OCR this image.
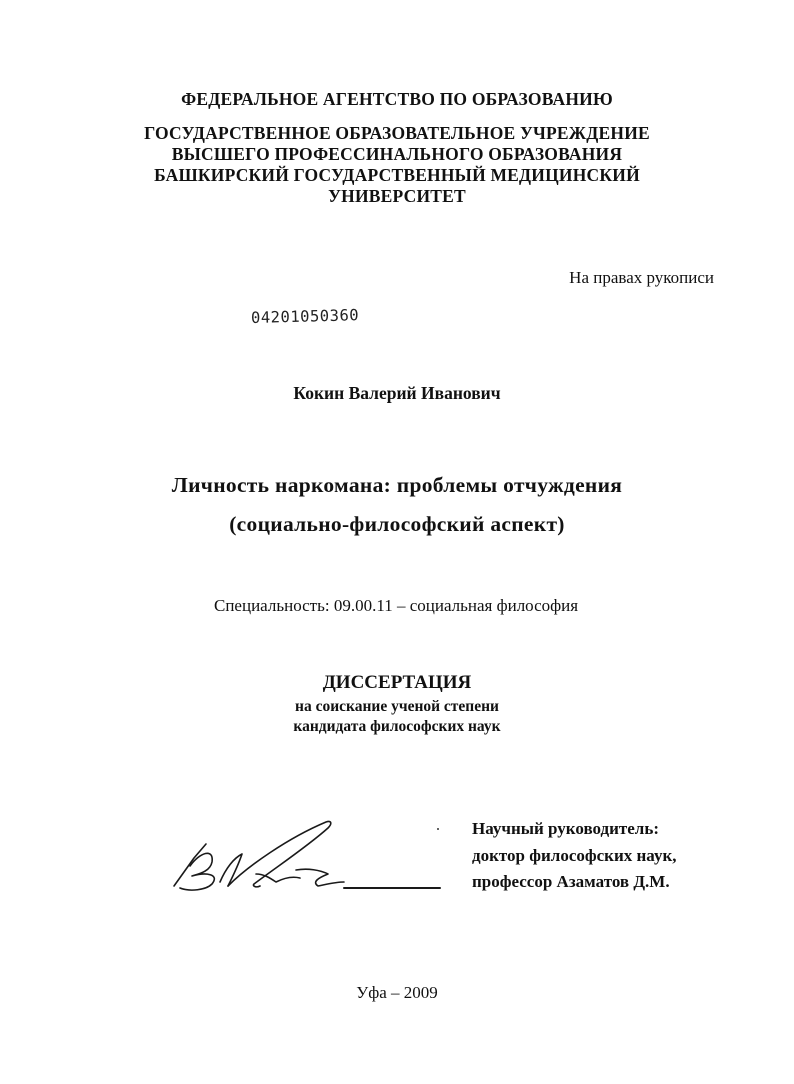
ФЕДЕРАЛЬНОЕ АГЕНТСТВО ПО ОБРАЗОВАНИЮ
ГОСУДАРСТВЕННОЕ ОБРАЗОВАТЕЛЬНОЕ УЧРЕЖДЕНИЕ
ВЫСШЕГО ПРОФЕССИНАЛЬНОГО ОБРАЗОВАНИЯ
БАШКИРСКИЙ ГОСУДАРСТВЕННЫЙ МЕДИЦИНСКИЙ
УНИВЕРСИТЕТ
На правах рукописи
04201050360
Кокин Валерий Иванович
Личность наркомана: проблемы отчуждения
(социально-философский аспект)
Специальность: 09.00.11 – социальная философия
ДИССЕРТАЦИЯ
на соискание ученой степени
кандидата философских наук
Научный руководитель:
доктор философских наук,
профессор Азаматов Д.М.
Уфа – 2009
